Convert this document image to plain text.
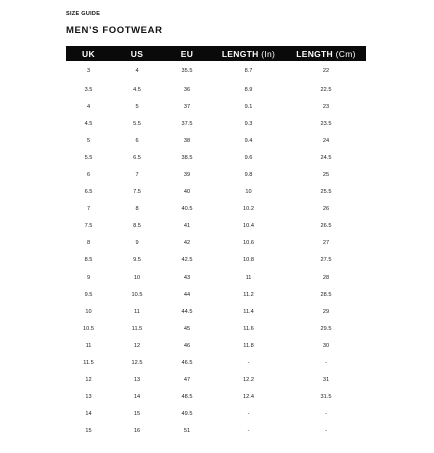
SIZE GUIDE
MEN’S FOOTWEAR
UK	US	EU	LENGTH (In)	LENGTH (Cm)
3	4	35.5	8.7	22
3.5	4.5	36	8.9	22.5
4	5	37	9.1	23
4.5	5.5	37.5	9.3	23.5
5	6	38	9.4	24
5.5	6.5	38.5	9.6	24.5
6	7	39	9.8	25
6.5	7.5	40	10	25.5
7	8	40.5	10.2	26
7.5	8.5	41	10.4	26.5
8	9	42	10.6	27
8.5	9.5	42.5	10.8	27.5
9	10	43	11	28
9.5	10.5	44	11.2	28.5
10	11	44.5	11.4	29
10.5	11.5	45	11.6	29.5
11	12	46	11.8	30
11.5	12.5	46.5	-	-
12	13	47	12.2	31
13	14	48.5	12.4	31.5
14	15	49.5	-	-
15	16	51	-	-
